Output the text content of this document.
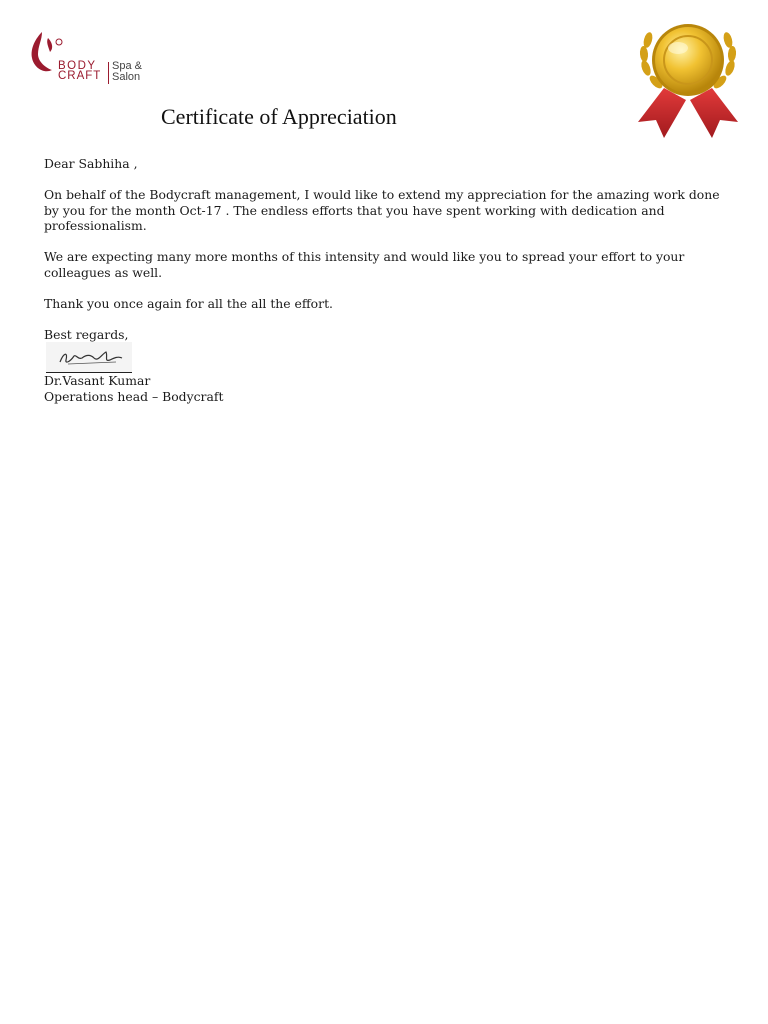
BODY
CRAFT
Spa &
Salon
Certificate of Appreciation

Dear Sabhiha ,

On behalf of the Bodycraft management, I would like to extend my appreciation for the amazing work done by you for the month Oct-17 . The endless efforts that you have spent working with dedication and professionalism.

We are expecting many more months of this intensity and would like you to spread your effort to your colleagues as well.

Thank you once again for all the all the effort.

Best regards,

Dr.Vasant Kumar

Operations head – Bodycraft
